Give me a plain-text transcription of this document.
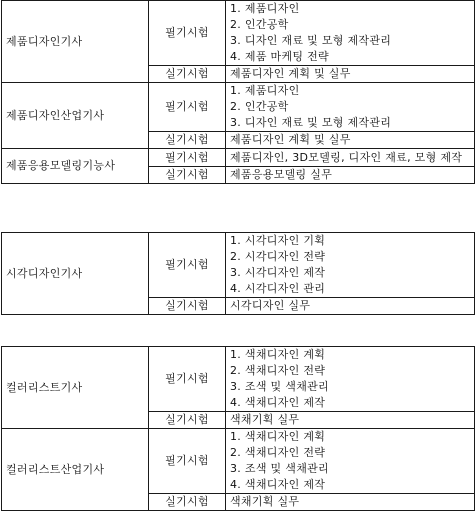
제품디자인기사	필기시험	1. 제품디자인
2. 인간공학
3. 디자인 재료 및 모형 제작관리
4. 제품 마케팅 전략

	실기시험	제품디자인 계획 및 실무
제품디자인산업기사	필기시험	1. 제품디자인
2. 인간공학
3. 디자인 재료 및 모형 제작관리

	실기시험	제품디자인 계획 및 실무
제품응용모델링기능사	필기시험	제품디자인, 3D모델링, 디자인 재료, 모형 제작
	실기시험	제품응용모델링 실무
시각디자인기사	필기시험	1. 시각디자인 기획
2. 시각디자인 전략
3. 시각디자인 제작
4. 시각디자인 관리

	실기시험	시각디자인 실무
컬러리스트기사	필기시험	1. 색채디자인 계획
2. 색채디자인 전략
3. 조색 및 색채관리
4. 색채디자인 제작

	실기시험	색채기획 실무
컬러리스트산업기사	필기시험	1. 색채디자인 계획
2. 색채디자인 전략
3. 조색 및 색채관리
4. 색채디자인 제작

	실기시험	색채기획 실무
